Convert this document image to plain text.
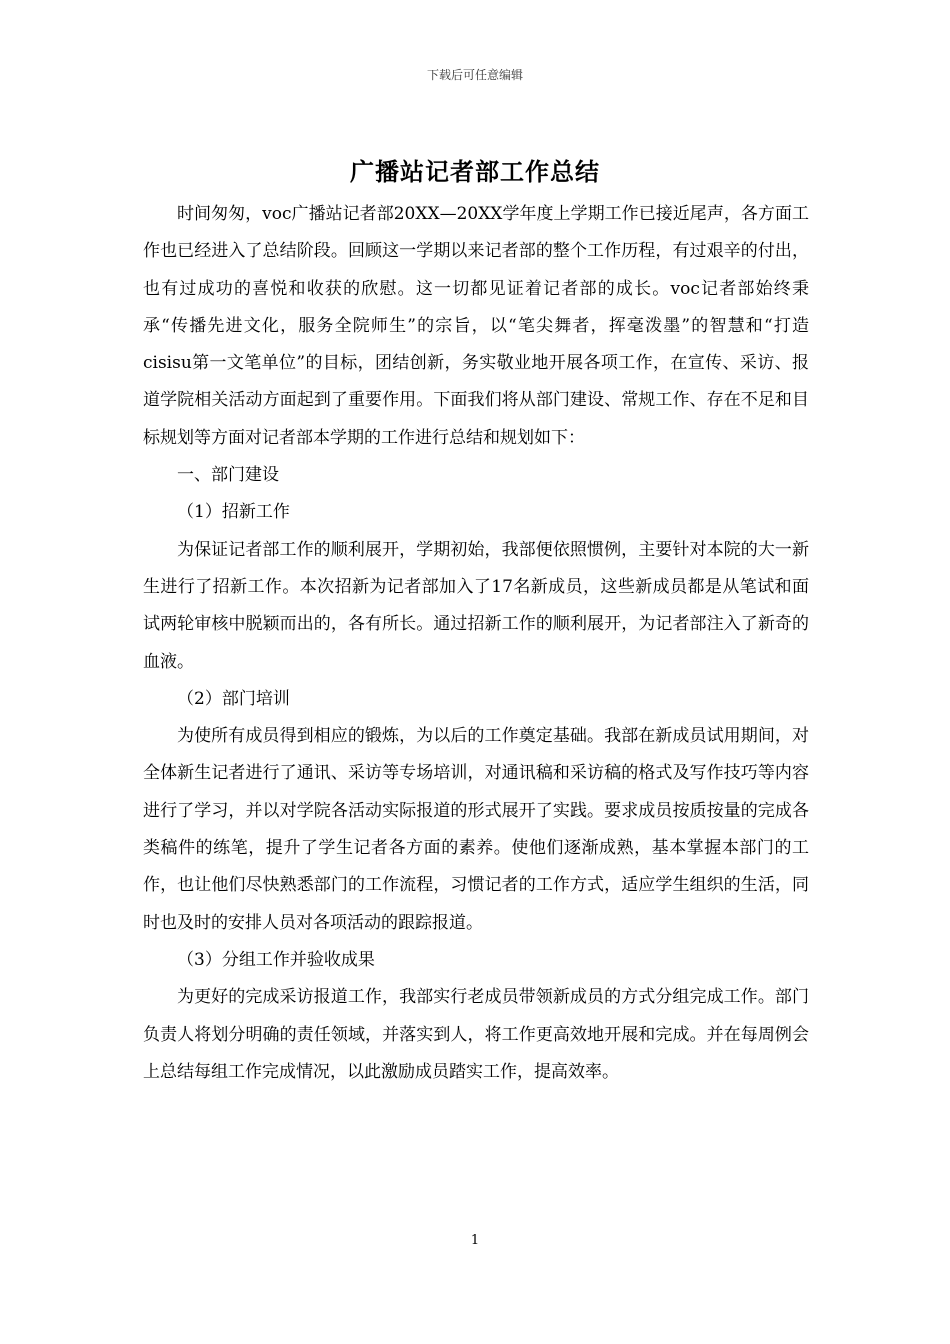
下载后可任意编辑
广播站记者部工作总结

时间匆匆，voc广播站记者部20XX—20XX学年度上学期工作已接近尾声，各方面工作也已经进入了总结阶段。回顾这一学期以来记者部的整个工作历程，有过艰辛的付出，也有过成功的喜悦和收获的欣慰。这一切都见证着记者部的成长。voc记者部始终秉承“传播先进文化，服务全院师生”的宗旨，以“笔尖舞者，挥毫泼墨”的智慧和“打造cisisu第一文笔单位”的目标，团结创新，务实敬业地开展各项工作，在宣传、采访、报道学院相关活动方面起到了重要作用。下面我们将从部门建设、常规工作、存在不足和目标规划等方面对记者部本学期的工作进行总结和规划如下：

一、部门建设

（1）招新工作

为保证记者部工作的顺利展开，学期初始，我部便依照惯例，主要针对本院的大一新生进行了招新工作。本次招新为记者部加入了17名新成员，这些新成员都是从笔试和面试两轮审核中脱颖而出的，各有所长。通过招新工作的顺利展开，为记者部注入了新奇的血液。

（2）部门培训

为使所有成员得到相应的锻炼，为以后的工作奠定基础。我部在新成员试用期间，对全体新生记者进行了通讯、采访等专场培训，对通讯稿和采访稿的格式及写作技巧等内容进行了学习，并以对学院各活动实际报道的形式展开了实践。要求成员按质按量的完成各类稿件的练笔，提升了学生记者各方面的素养。使他们逐渐成熟，基本掌握本部门的工作，也让他们尽快熟悉部门的工作流程，习惯记者的工作方式，适应学生组织的生活，同时也及时的安排人员对各项活动的跟踪报道。

（3）分组工作并验收成果

为更好的完成采访报道工作，我部实行老成员带领新成员的方式分组完成工作。部门负责人将划分明确的责任领域，并落实到人，将工作更高效地开展和完成。并在每周例会上总结每组工作完成情况，以此激励成员踏实工作，提高效率。

1
